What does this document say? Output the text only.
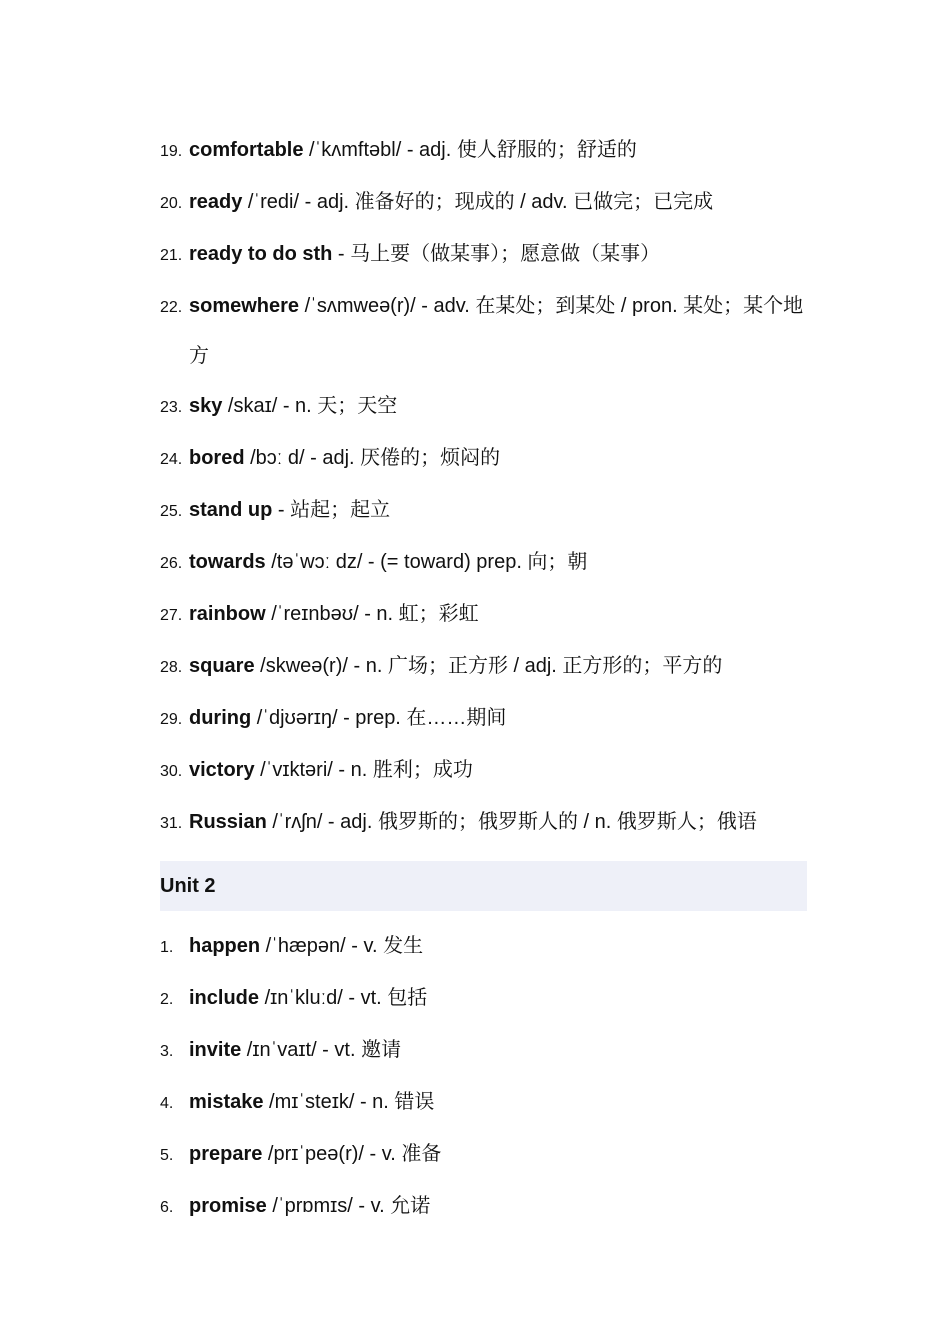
19. comfortable /ˈkʌmftəbl/ - adj. 使人舒服的；舒适的
20. ready /ˈredi/ - adj. 准备好的；现成的 / adv. 已做完；已完成
21. ready to do sth - 马上要（做某事）；愿意做（某事）
22. somewhere /ˈsʌmweə(r)/ - adv. 在某处；到某处 / pron. 某处；某个地方
23. sky /skaɪ/ - n. 天；天空
24. bored /bɔː d/ - adj. 厌倦的；烦闷的
25. stand up - 站起；起立
26. towards /təˈwɔː dz/ - (= toward) prep. 向；朝
27. rainbow /ˈreɪnbəʊ/ - n. 虹；彩虹
28. square /skweə(r)/ - n. 广场；正方形 / adj. 正方形的；平方的
29. during /ˈdjʊərɪŋ/ - prep. 在……期间
30. victory /ˈvɪktəri/ - n. 胜利；成功
31. Russian /ˈrʌʃn/ - adj. 俄罗斯的；俄罗斯人的 / n. 俄罗斯人；俄语
Unit 2
1. happen /ˈhæpən/ - v. 发生
2. include /ɪnˈkluːd/ - vt. 包括
3. invite /ɪnˈvaɪt/ - vt. 邀请
4. mistake /mɪˈsteɪk/ - n. 错误
5. prepare /prɪˈpeə(r)/ - v. 准备
6. promise /ˈprɒmɪs/ - v. 允诺
